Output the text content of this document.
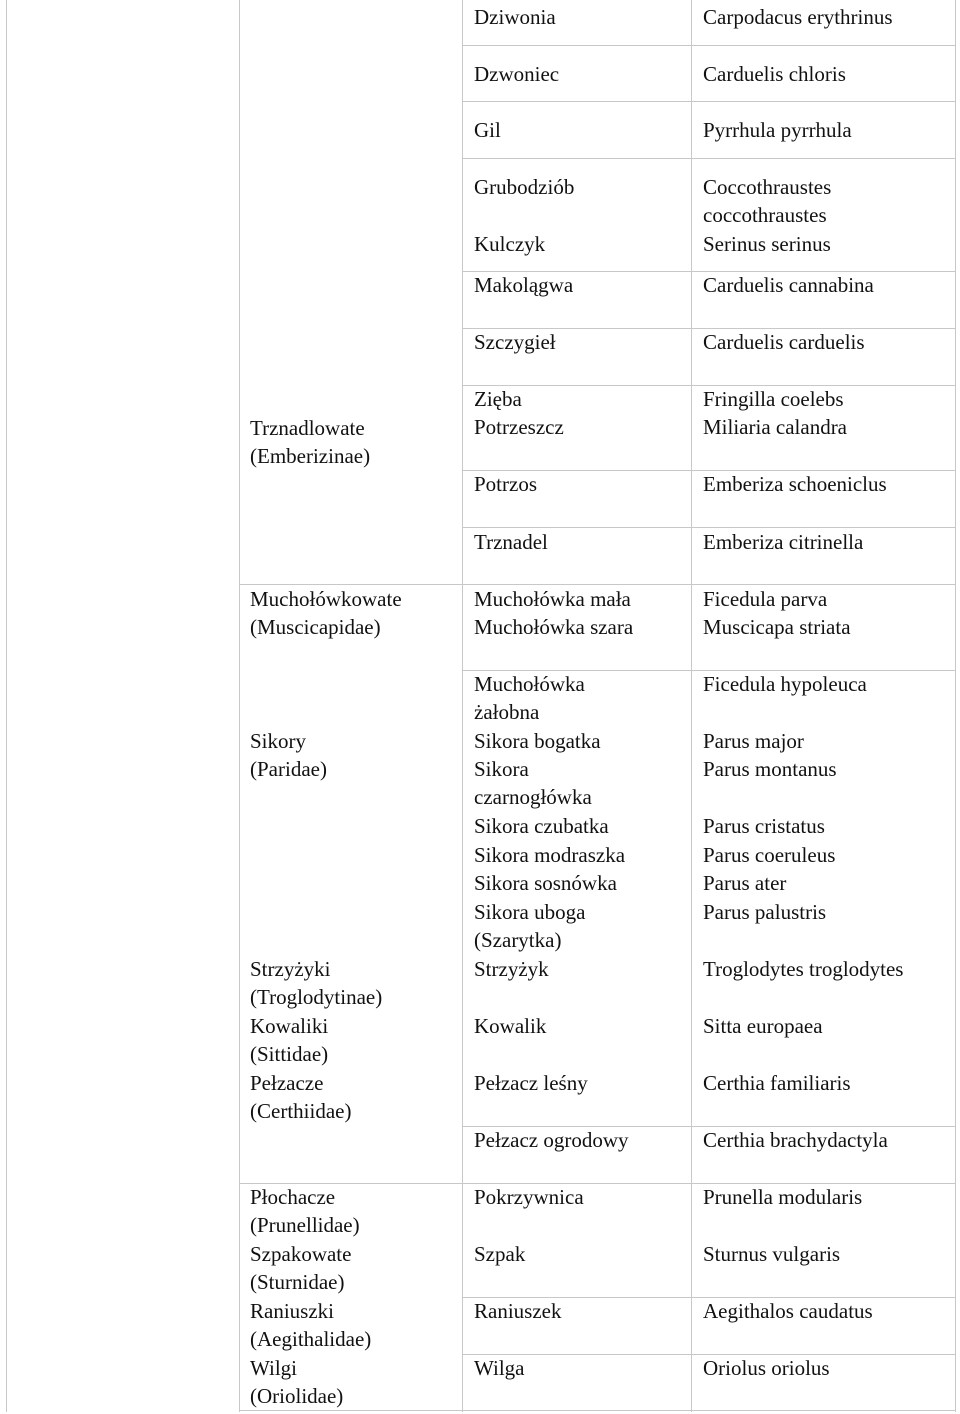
Trznadlowate
(Emberizinae)
Muchołówkowate
(Muscicapidae)
Sikory
(Paridae)
Strzyżyki
(Troglodytinae)
Kowaliki
(Sittidae)
Pełzacze
(Certhiidae)
Płochacze
(Prunellidae)
Szpakowate
(Sturnidae)
Raniuszki
(Aegithalidae)
Wilgi
(Oriolidae)
Dziwonia
Dzwoniec
Gil
Grubodziób
Kulczyk
Makolągwa
Szczygieł
Zięba
Potrzeszcz
Potrzos
Trznadel
Muchołówka mała
Muchołówka szara
Muchołówka żałobna
Sikora bogatka
Sikora czarnogłówka
Sikora czubatka
Sikora modraszka
Sikora sosnówka
Sikora uboga (Szarytka)
Strzyżyk
Kowalik
Pełzacz leśny
Pełzacz ogrodowy
Pokrzywnica
Szpak
Raniuszek
Wilga
Carpodacus erythrinus
Carduelis chloris
Pyrrhula pyrrhula
Coccothraustes coccothraustes
Serinus serinus
Carduelis cannabina
Carduelis carduelis
Fringilla coelebs
Miliaria calandra
Emberiza schoeniclus
Emberiza citrinella
Ficedula parva
Muscicapa striata
Ficedula hypoleuca
Parus major
Parus montanus
Parus cristatus
Parus coeruleus
Parus ater
Parus palustris
Troglodytes troglodytes
Sitta europaea
Certhia familiaris
Certhia brachydactyla
Prunella modularis
Sturnus vulgaris
Aegithalos caudatus
Oriolus oriolus
